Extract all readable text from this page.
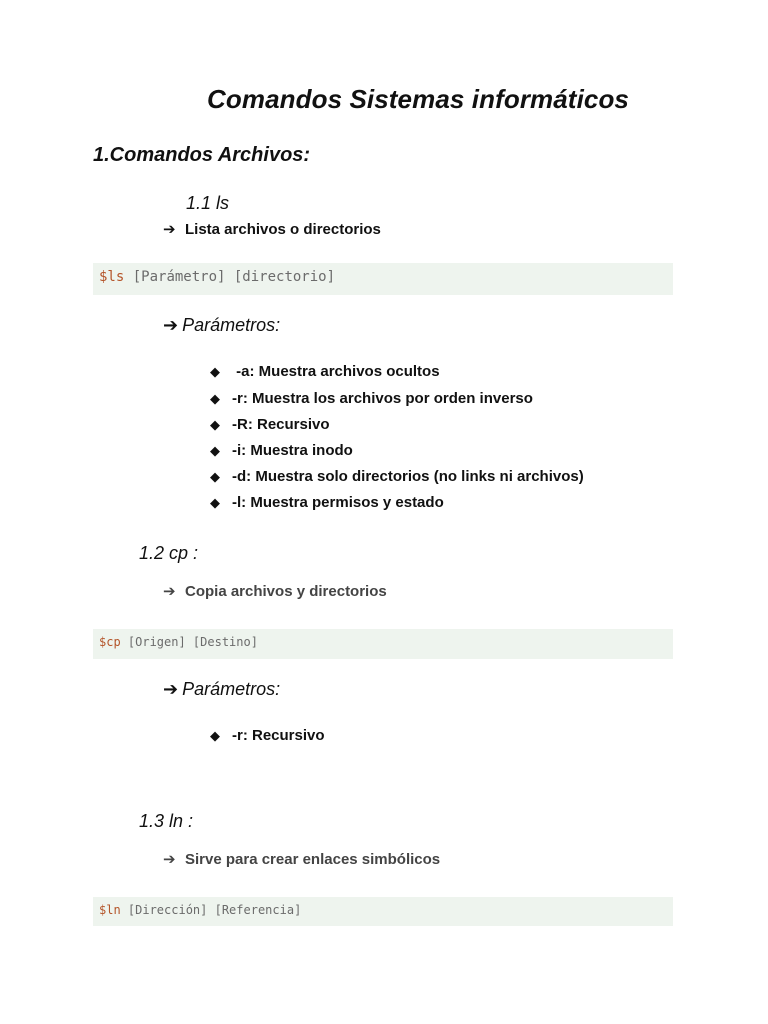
Comandos Sistemas informáticos
1.Comandos Archivos:
1.1 ls
➔ Lista archivos o directorios
$ls [Parámetro] [directorio]
➔ Parámetros:
◆ -a: Muestra archivos ocultos
◆ -r: Muestra los archivos por orden inverso
◆ -R: Recursivo
◆ -i: Muestra inodo
◆ -d: Muestra solo directorios (no links ni archivos)
◆ -l: Muestra permisos y estado
1.2 cp :
➔ Copia archivos y directorios
$cp [Origen] [Destino]
➔ Parámetros:
◆ -r: Recursivo
1.3 ln :
➔ Sirve para crear enlaces simbólicos
$ln [Dirección] [Referencia]
